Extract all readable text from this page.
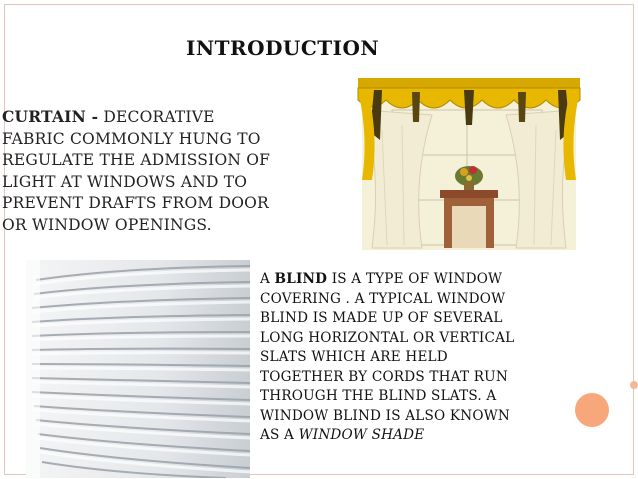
INTRODUCTION
CURTAIN - DECORATIVE
FABRIC COMMONLY HUNG TO
REGULATE THE ADMISSION OF
LIGHT AT WINDOWS AND TO
PREVENT DRAFTS FROM DOOR
OR WINDOW OPENINGS.
A BLIND IS A TYPE OF WINDOW
COVERING . A TYPICAL WINDOW
BLIND IS MADE UP OF SEVERAL
LONG HORIZONTAL OR VERTICAL
SLATS WHICH ARE HELD
TOGETHER BY CORDS THAT RUN
THROUGH THE BLIND SLATS. A
WINDOW BLIND IS ALSO KNOWN
AS A WINDOW SHADE
